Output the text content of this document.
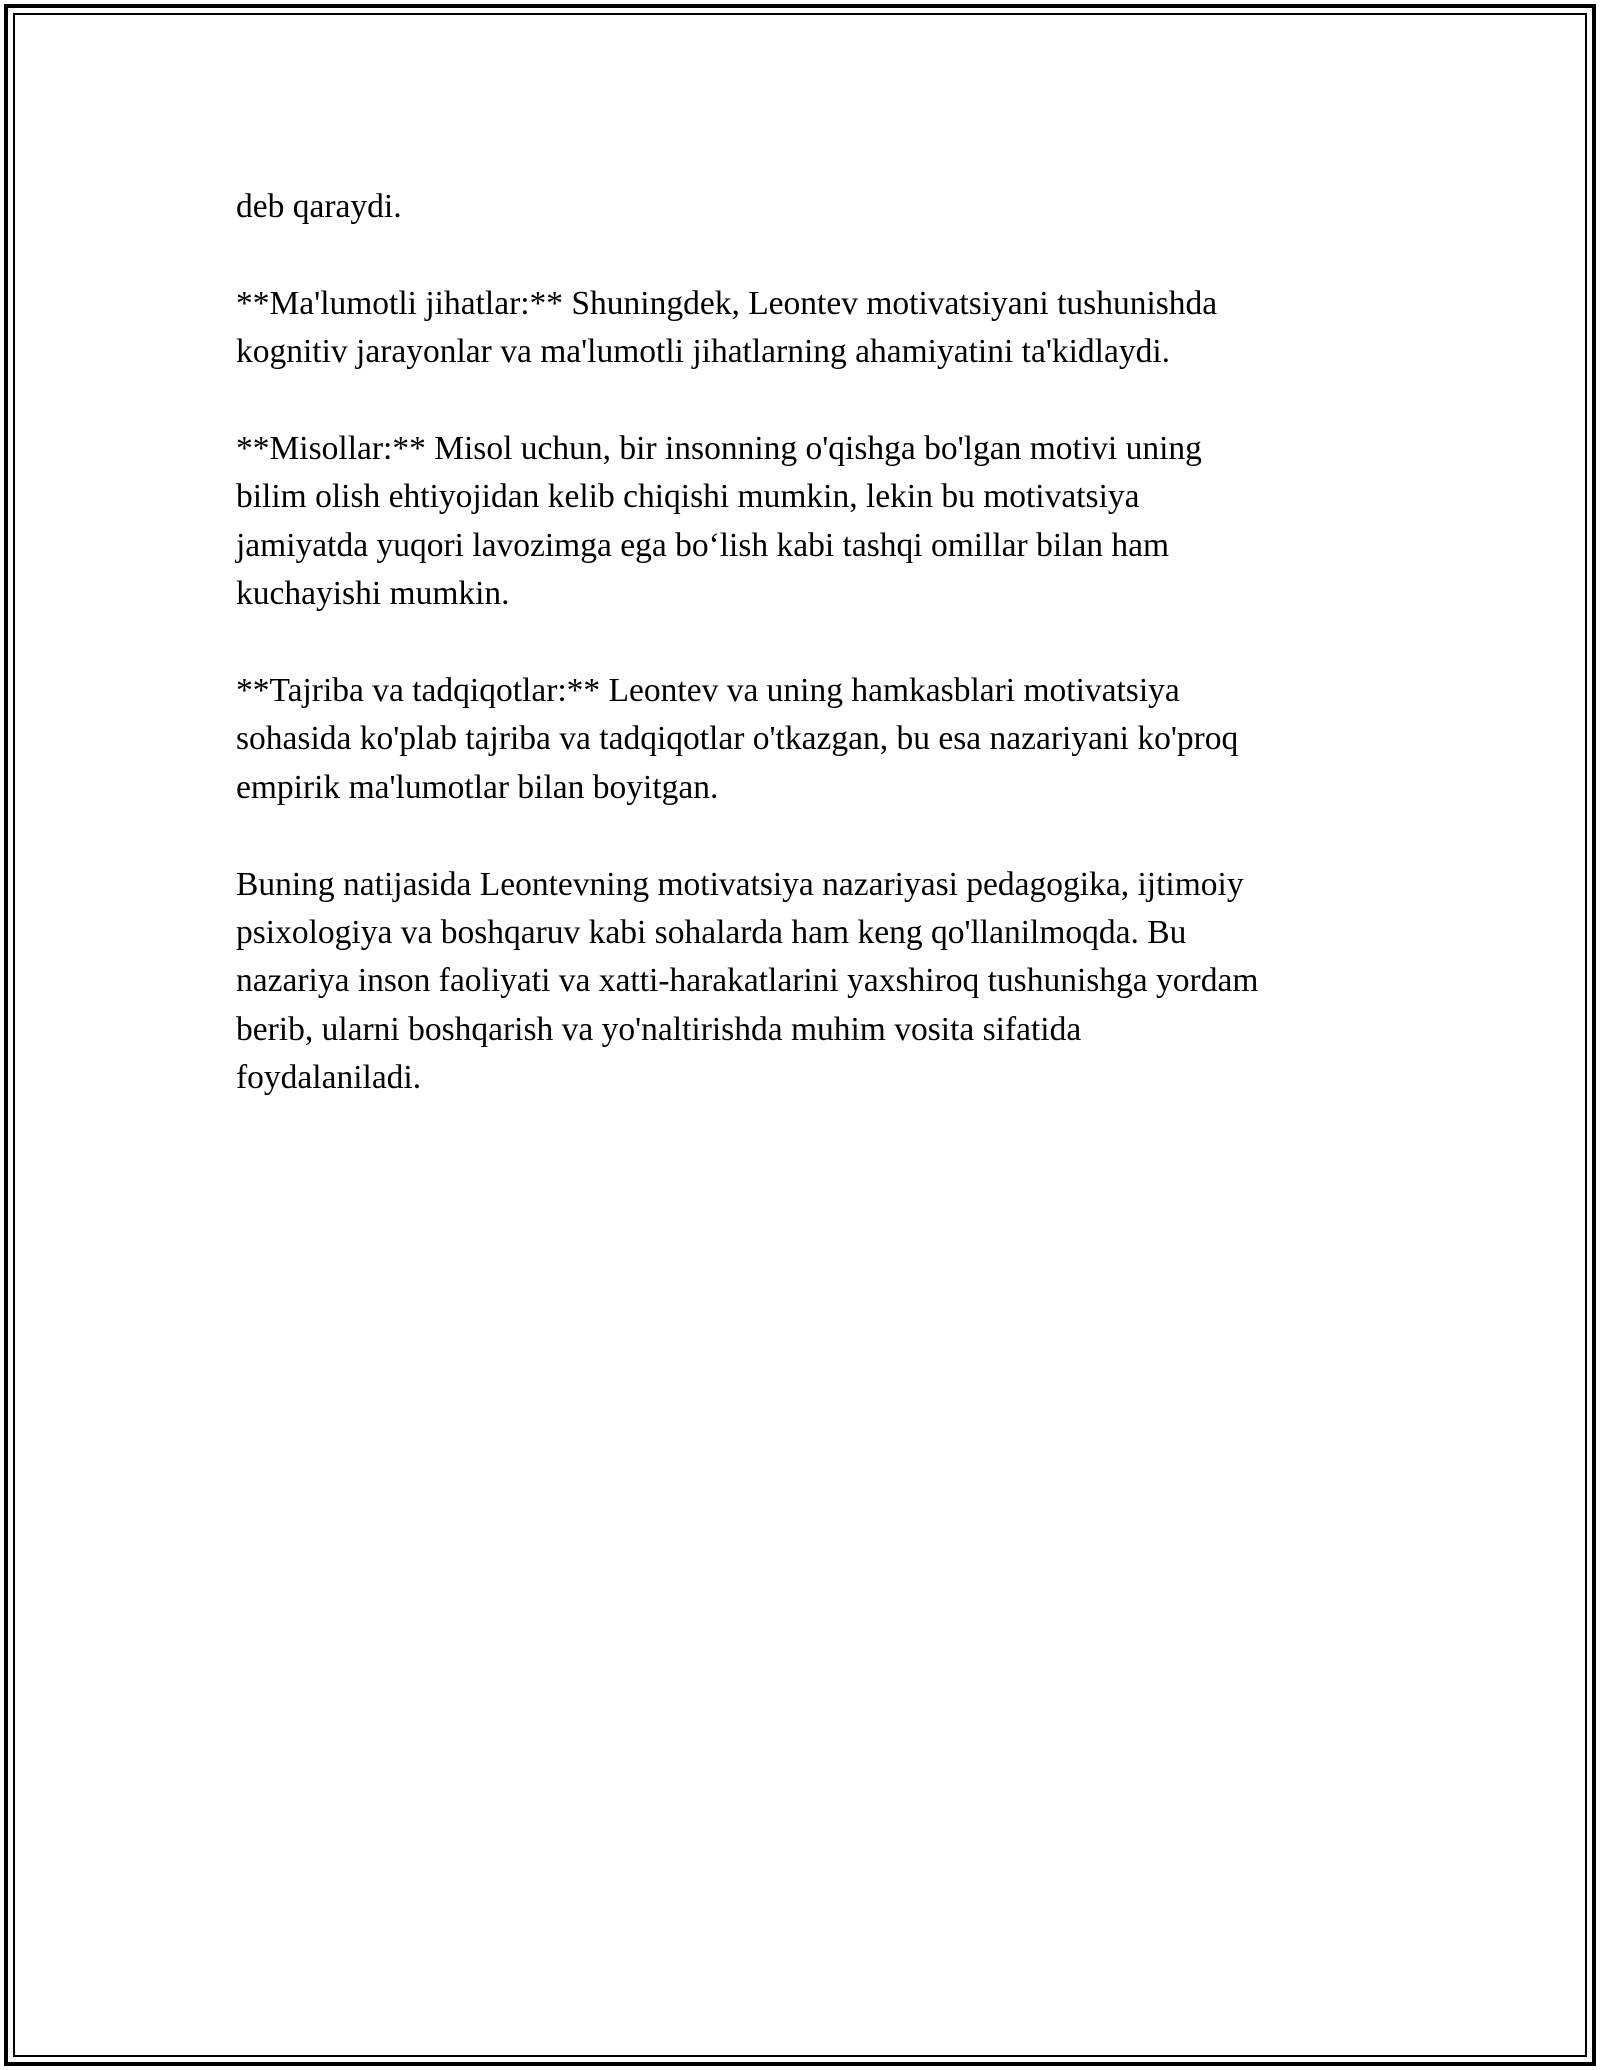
deb qaraydi.

**Ma'lumotli jihatlar:** Shuningdek, Leontev motivatsiyani tushunishda
kognitiv jarayonlar va ma'lumotli jihatlarning ahamiyatini ta'kidlaydi.

**Misollar:** Misol uchun, bir insonning o'qishga bo'lgan motivi uning
bilim olish ehtiyojidan kelib chiqishi mumkin, lekin bu motivatsiya
jamiyatda yuqori lavozimga ega bo‘lish kabi tashqi omillar bilan ham
kuchayishi mumkin.

**Tajriba va tadqiqotlar:** Leontev va uning hamkasblari motivatsiya
sohasida ko'plab tajriba va tadqiqotlar o'tkazgan, bu esa nazariyani ko'proq
empirik ma'lumotlar bilan boyitgan.

Buning natijasida Leontevning motivatsiya nazariyasi pedagogika, ijtimoiy
psixologiya va boshqaruv kabi sohalarda ham keng qo'llanilmoqda. Bu
nazariya inson faoliyati va xatti-harakatlarini yaxshiroq tushunishga yordam
berib, ularni boshqarish va yo'naltirishda muhim vosita sifatida
foydalaniladi.
